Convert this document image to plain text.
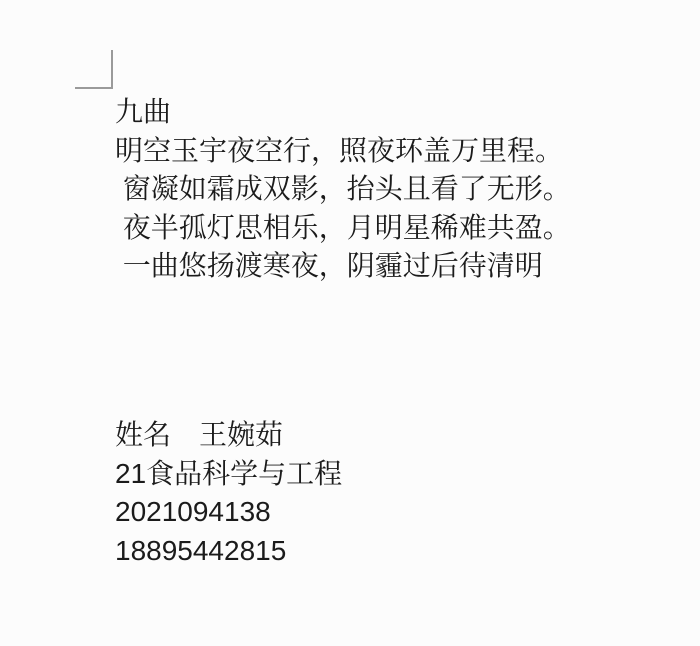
九曲

明空玉宇夜空行，照夜环盖万里程。

窗凝如霜成双影，抬头且看了无形。

夜半孤灯思相乐，月明星稀难共盈。

一曲悠扬渡寒夜，阴霾过后待清明

姓名 王婉茹

21食品科学与工程

2021094138

18895442815
